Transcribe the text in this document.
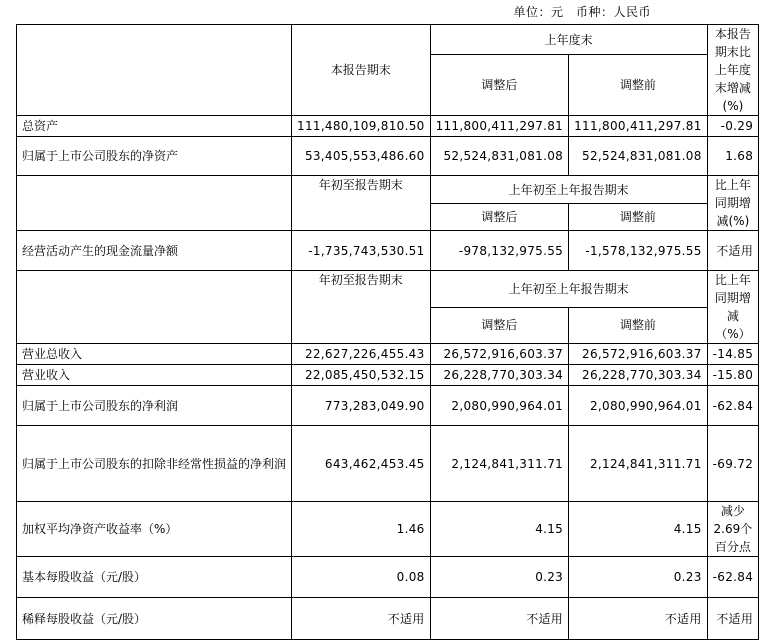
单位：元　币种：人民币
	本报告期末	上年度末		本报告期末比上年度末增减(%)
		调整后	调整前	
总资产	111,480,109,810.50	111,800,411,297.81	111,800,411,297.81	-0.29
归属于上市公司股东的净资产	53,405,553,486.60	52,524,831,081.08	52,524,831,081.08	1.68
	年初至报告期末	上年初至上年报告期末		比上年同期增减(%)
		调整后	调整前	
经营活动产生的现金流量净额	-1,735,743,530.51	-978,132,975.55	-1,578,132,975.55	不适用
	年初至报告期末	上年初至上年报告期末		比上年同期增减（%）
		调整后	调整前	
营业总收入	22,627,226,455.43	26,572,916,603.37	26,572,916,603.37	-14.85
营业收入	22,085,450,532.15	26,228,770,303.34	26,228,770,303.34	-15.80
归属于上市公司股东的净利润	773,283,049.90	2,080,990,964.01	2,080,990,964.01	-62.84
归属于上市公司股东的扣除非经常性损益的净利润	643,462,453.45	2,124,841,311.71	2,124,841,311.71	-69.72
加权平均净资产收益率（%）	1.46	4.15	4.15	减少2.69个百分点
基本每股收益（元/股）	0.08	0.23	0.23	-62.84
稀释每股收益（元/股）	不适用	不适用	不适用	不适用
